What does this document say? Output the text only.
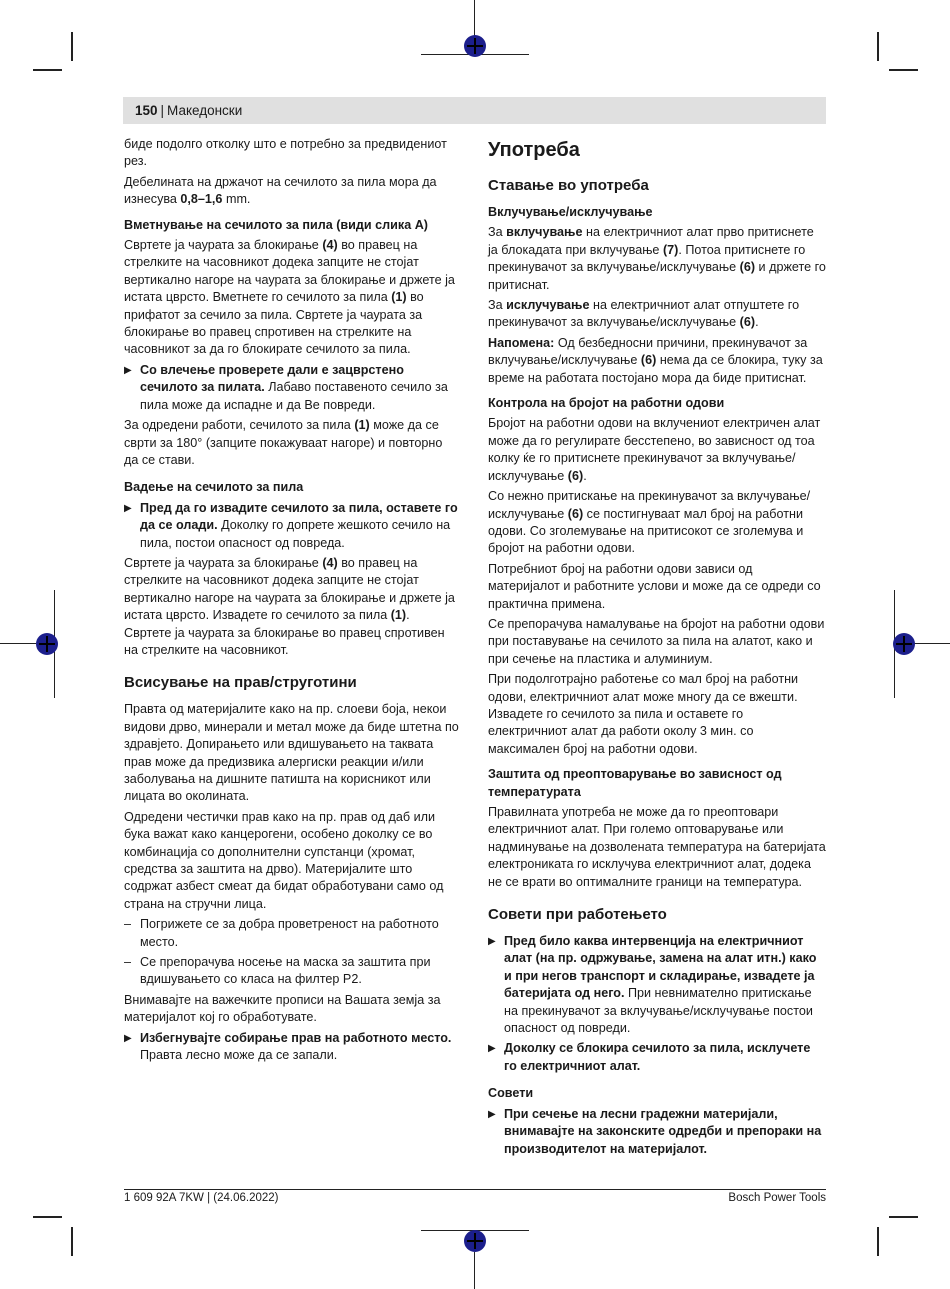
150 | Македонски

биде подолго отколку што е потребно за предвидениот рез.

Дебелината на држачот на сечилото за пила мора да изнесува 0,8–1,6 mm.

Вметнување на сечилото за пила (види слика A)

Свртете ја чаурата за блокирање (4) во правец на стрелките на часовникот додека запците не стојат вертикално нагоре на чаурата за блокирање и држете ја истата цврсто. Вметнете го сечилото за пила (1) во прифатот за сечило за пила. Свртете ја чаурата за блокирање во правец спротивен на стрелките на часовникот за да го блокирате сечилото за пила.

▶ Со влечење проверете дали е зацврстено сечилото за пилата. Лабаво поставеното сечило за пила може да испадне и да Ве повреди.

За одредени работи, сечилото за пила (1) може да се сврти за 180° (запците покажуваат нагоре) и повторно да се стави.

Вадење на сечилото за пила
▶ Пред да го извадите сечилото за пила, оставете го да се олади. Доколку го допрете жешкото сечило на пила, постои опасност од повреда.

Свртете ја чаурата за блокирање (4) во правец на стрелките на часовникот додека запците не стојат вертикално нагоре на чаурата за блокирање и држете ја истата цврсто. Извадете го сечилото за пила (1). Свртете ја чаурата за блокирање во правец спротивен на стрелките на часовникот.

Всисување на прав/струготини

Правта од материјалите како на пр. слоеви боја, некои видови дрво, минерали и метал може да биде штетна по здравјето. Допирањето или вдишувањето на таквата прав може да предизвика алергиски реакции и/или заболувања на дишните патишта на корисникот или лицата во околината.

Одредени честички прав како на пр. прав од даб или бука важат како канцерогени, особено доколку се во комбинација со дополнителни супстанци (хромат, средства за заштита на дрво). Материјалите што содржат азбест смеат да бидат обработувани само од страна на стручни лица.

– Погрижете се за добра проветреност на работното место.
– Се препорачува носење на маска за заштита при вдишувањето со класа на филтер P2.

Внимавајте на важечките прописи на Вашата земја за материјалот кој го обработувате.

▶ Избегнувајте собирање прав на работното место. Правта лесно може да се запали.
Употреба
Ставање во употреба
Вклучување/исклучување

За вклучување на електричниот алат прво притиснете ја блокадата при вклучување (7). Потоа притиснете го прекинувачот за вклучување/исклучување (6) и држете го притиснат.

За исклучување на електричниот алат отпуштете го прекинувачот за вклучување/исклучување (6).

Напомена: Од безбедносни причини, прекинувачот за вклучување/исклучување (6) нема да се блокира, туку за време на работата постојано мора да биде притиснат.

Контрола на бројот на работни одови

Бројот на работни одови на вклучениот електричен алат може да го регулирате бесстепено, во зависност од тоа колку ќе го притиснете прекинувачот за вклучување/исклучување (6).

Со нежно притискање на прекинувачот за вклучување/исклучување (6) се постигнуваат мал број на работни одови. Со зголемување на притисокот се зголемува и бројот на работни одови.

Потребниот број на работни одови зависи од материјалот и работните услови и може да се одреди со практична примена.

Се препорачува намалување на бројот на работни одови при поставување на сечилото за пила на алатот, како и при сечење на пластика и алуминиум.

При подолготрајно работење со мал број на работни одови, електричниот алат може многу да се вжешти. Извадете го сечилото за пила и оставете го електричниот алат да работи околу 3 мин. со максимален број на работни одови.

Заштита од преоптоварување во зависност од температурата

Правилната употреба не може да го преоптовари електричниот алат. При големо оптоварување или надминување на дозволената температура на батеријата електрониката го исклучува електричниот алат, додека не се врати во оптималните граници на температура.

Совети при работењето
▶ Пред било каква интервенција на електричниот алат (на пр. одржување, замена на алат итн.) како и при негов транспорт и складирање, извадете ја батеријата од него. При невнимателно притискање на прекинувачот за вклучување/исклучување постои опасност од повреди.
▶ Доколку се блокира сечилото за пила, исклучете го електричниот алат.
Совети
▶ При сечење на лесни градежни материјали, внимавајте на законските одредби и препораки на производителот на материјалот.
1 609 92A 7KW | (24.06.2022)	Bosch Power Tools
